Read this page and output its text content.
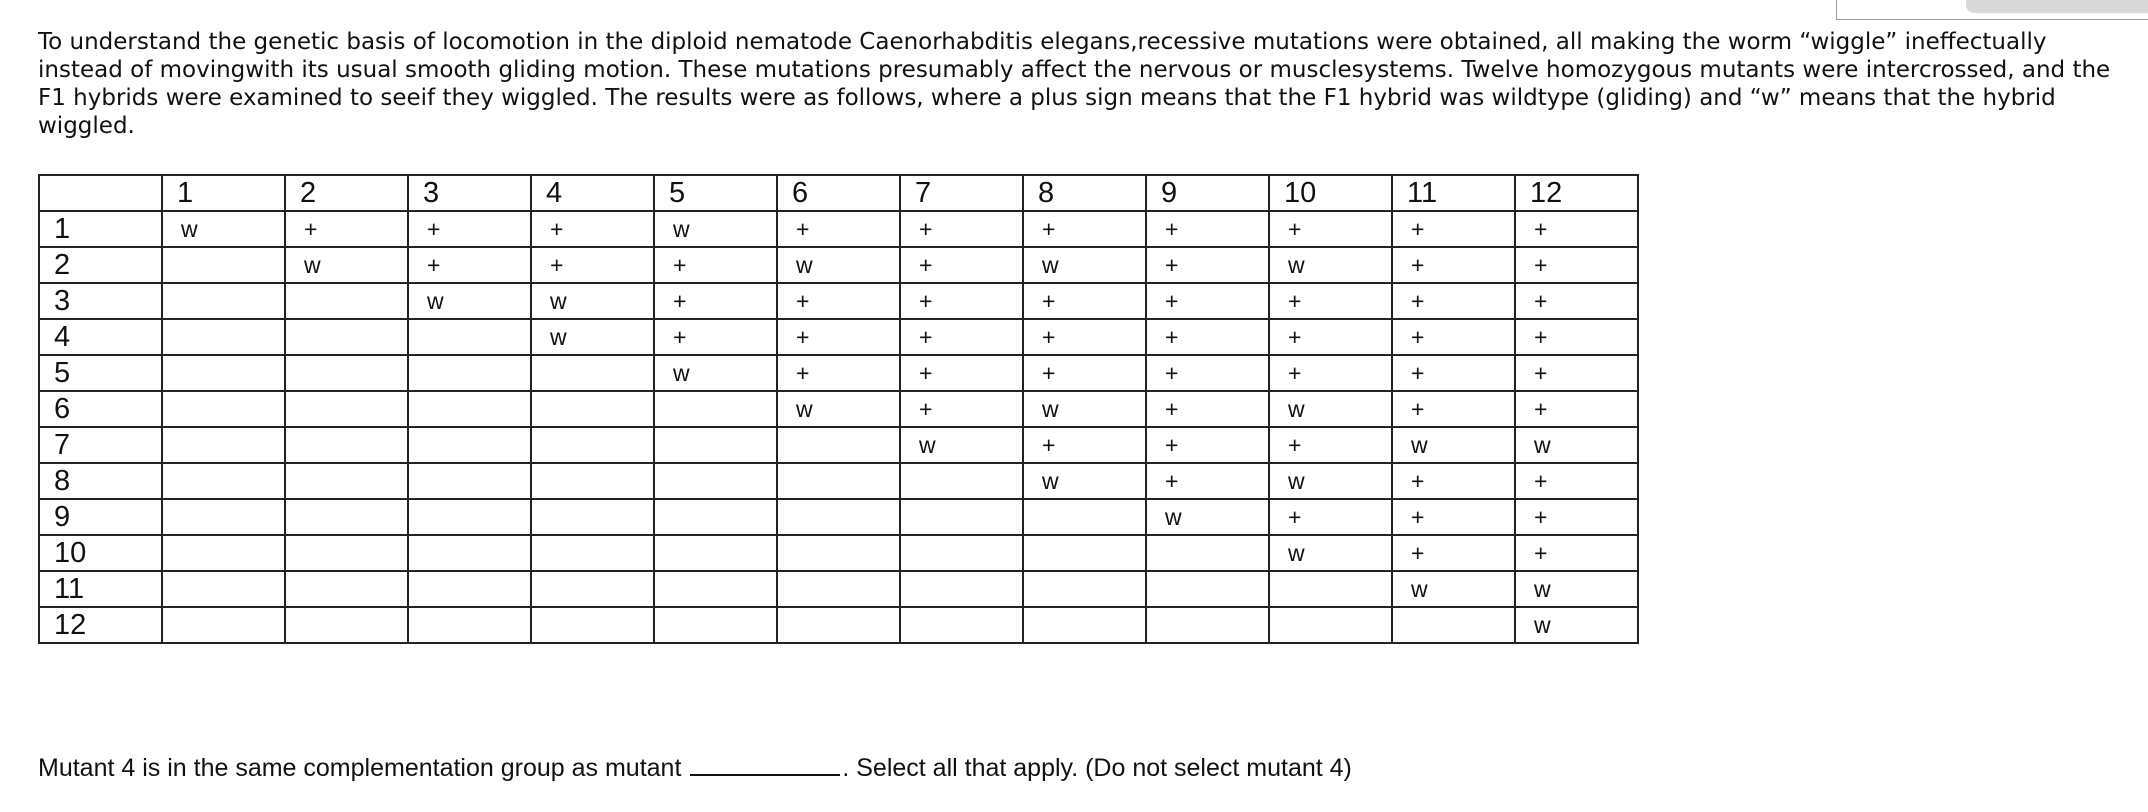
To understand the genetic basis of locomotion in the diploid nematode Caenorhabditis elegans,recessive mutations were obtained, all making the worm “wiggle” ineffectually instead of movingwith its usual smooth gliding motion. These mutations presumably affect the nervous or musclesystems. Twelve homozygous mutants were intercrossed, and the F1 hybrids were examined to seeif they wiggled. The results were as follows, where a plus sign means that the F1 hybrid was wildtype (gliding) and “w” means that the hybrid wiggled.

	1	2	3	4	5	6	7	8	9	10	11	12
1	w	+	+	+	w	+	+	+	+	+	+	+
2		w	+	+	+	w	+	w	+	w	+	+
3			w	w	+	+	+	+	+	+	+	+
4				w	+	+	+	+	+	+	+	+
5					w	+	+	+	+	+	+	+
6						w	+	w	+	w	+	+
7							w	+	+	+	w	w
8								w	+	w	+	+
9									w	+	+	+
10										w	+	+
11											w	w
12												w
Mutant 4 is in the same complementation group as mutant	. Select all that apply. (Do not select mutant 4)
